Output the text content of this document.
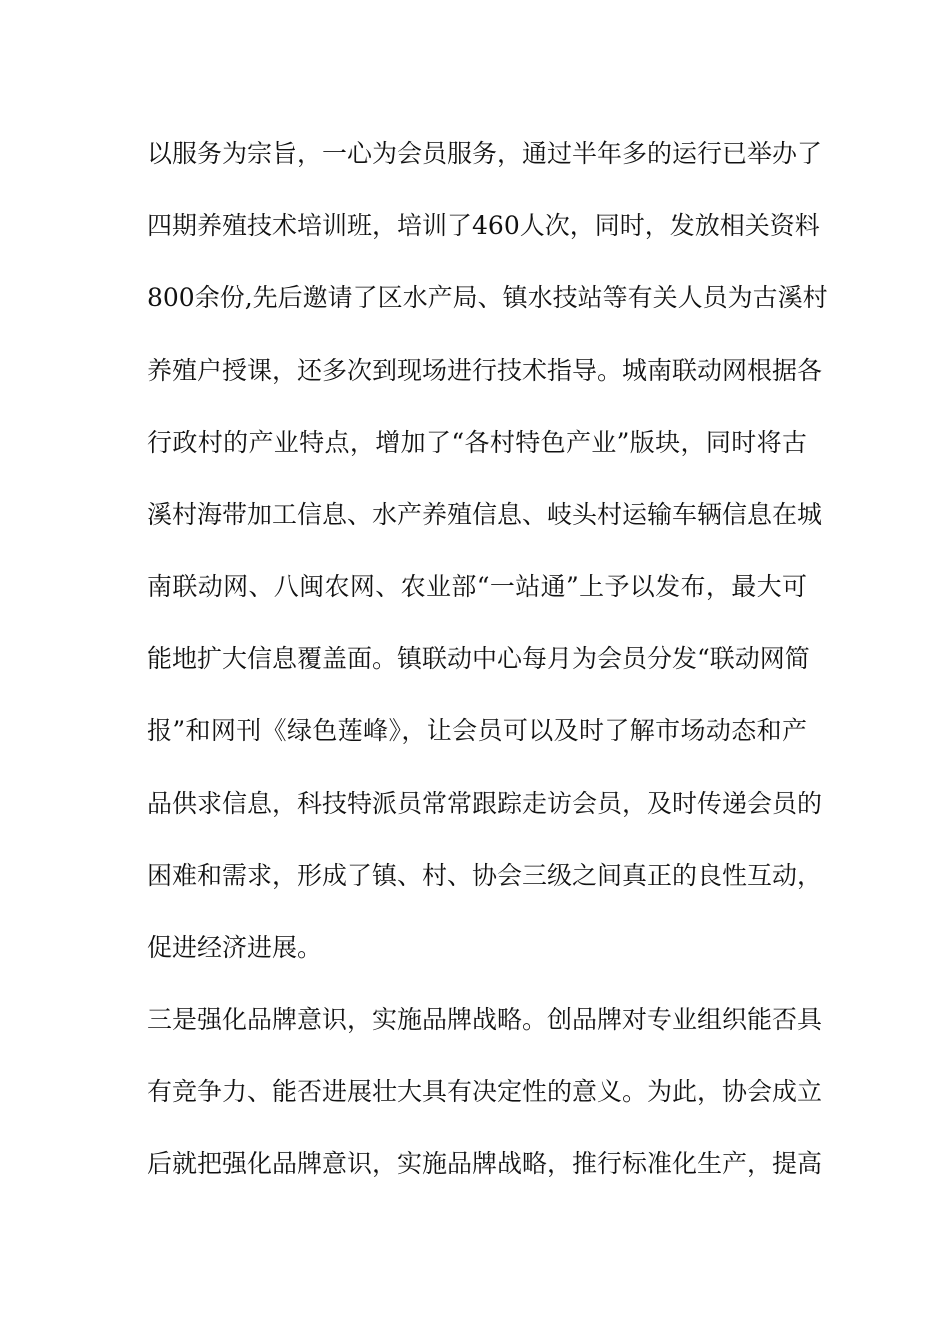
以服务为宗旨，一心为会员服务，通过半年多的运行已举办了
四期养殖技术培训班，培训了460人次，同时，发放相关资料
800余份,先后邀请了区水产局、镇水技站等有关人员为古溪村
养殖户授课，还多次到现场进行技术指导。城南联动网根据各
行政村的产业特点，增加了“各村特色产业”版块，同时将古
溪村海带加工信息、水产养殖信息、岐头村运输车辆信息在城
南联动网、八闽农网、农业部“一站通”上予以发布，最大可
能地扩大信息覆盖面。镇联动中心每月为会员分发“联动网简
报”和网刊《绿色莲峰》，让会员可以及时了解市场动态和产
品供求信息，科技特派员常常跟踪走访会员，及时传递会员的
困难和需求，形成了镇、村、协会三级之间真正的良性互动，
促进经济进展。
三是强化品牌意识，实施品牌战略。创品牌对专业组织能否具
有竞争力、能否进展壮大具有决定性的意义。为此，协会成立
后就把强化品牌意识，实施品牌战略，推行标准化生产，提高
